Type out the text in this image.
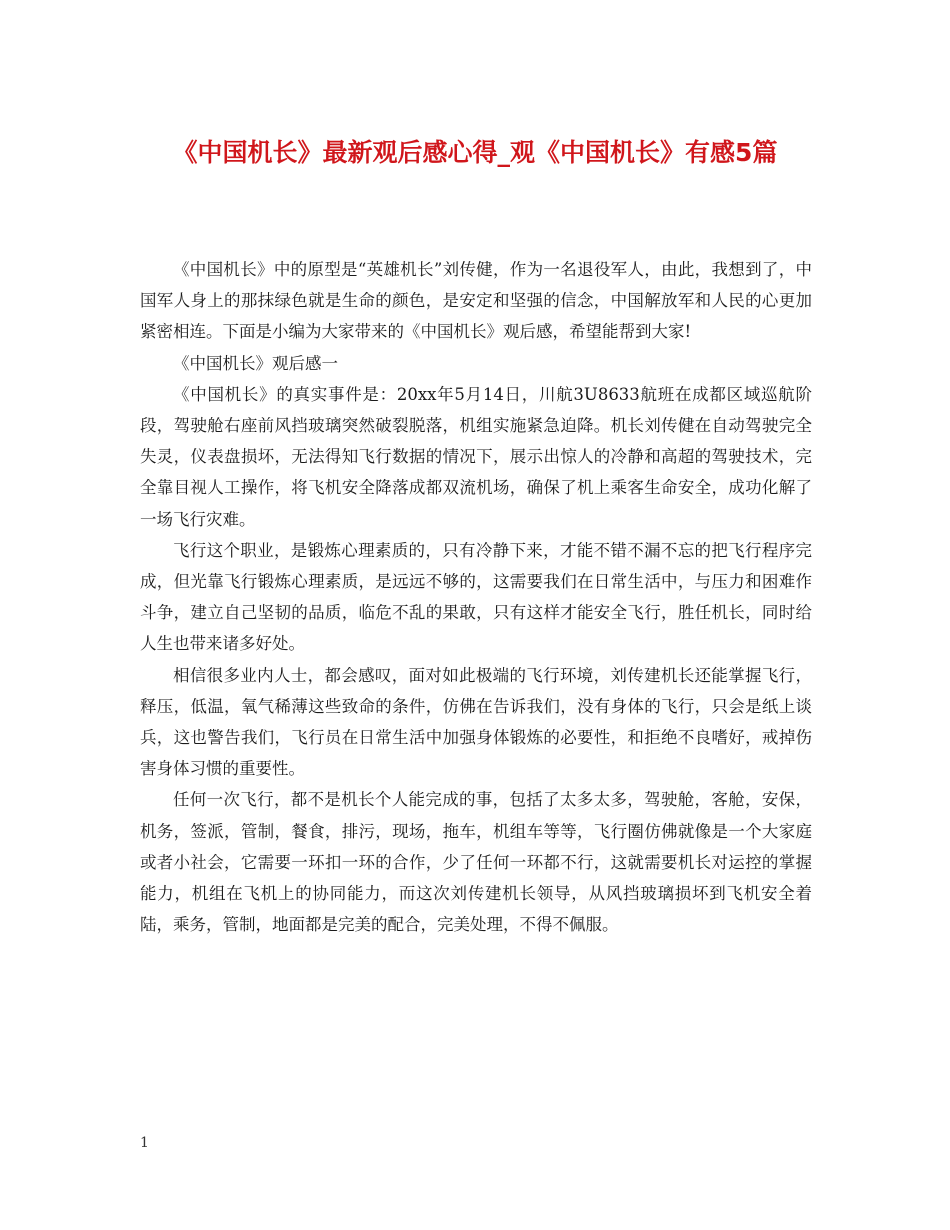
《中国机长》最新观后感心得_观《中国机长》有感5篇

《中国机长》中的原型是“英雄机长”刘传健，作为一名退役军人，由此，我想到了，中国军人身上的那抹绿色就是生命的颜色，是安定和坚强的信念，中国解放军和人民的心更加紧密相连。下面是小编为大家带来的《中国机长》观后感，希望能帮到大家!

《中国机长》观后感一

《中国机长》的真实事件是：20xx年5月14日，川航3U8633航班在成都区域巡航阶段，驾驶舱右座前风挡玻璃突然破裂脱落，机组实施紧急迫降。机长刘传健在自动驾驶完全失灵，仪表盘损坏，无法得知飞行数据的情况下，展示出惊人的冷静和高超的驾驶技术，完全靠目视人工操作，将飞机安全降落成都双流机场，确保了机上乘客生命安全，成功化解了一场飞行灾难。

飞行这个职业，是锻炼心理素质的，只有冷静下来，才能不错不漏不忘的把飞行程序完成，但光靠飞行锻炼心理素质，是远远不够的，这需要我们在日常生活中，与压力和困难作斗争，建立自己坚韧的品质，临危不乱的果敢，只有这样才能安全飞行，胜任机长，同时给人生也带来诸多好处。

相信很多业内人士，都会感叹，面对如此极端的飞行环境，刘传建机长还能掌握飞行，释压，低温，氧气稀薄这些致命的条件，仿佛在告诉我们，没有身体的飞行，只会是纸上谈兵，这也警告我们，飞行员在日常生活中加强身体锻炼的必要性，和拒绝不良嗜好，戒掉伤害身体习惯的重要性。

任何一次飞行，都不是机长个人能完成的事，包括了太多太多，驾驶舱，客舱，安保，机务，签派，管制，餐食，排污，现场，拖车，机组车等等，飞行圈仿佛就像是一个大家庭或者小社会，它需要一环扣一环的合作，少了任何一环都不行，这就需要机长对运控的掌握能力，机组在飞机上的协同能力，而这次刘传建机长领导，从风挡玻璃损坏到飞机安全着陆，乘务，管制，地面都是完美的配合，完美处理，不得不佩服。

1
